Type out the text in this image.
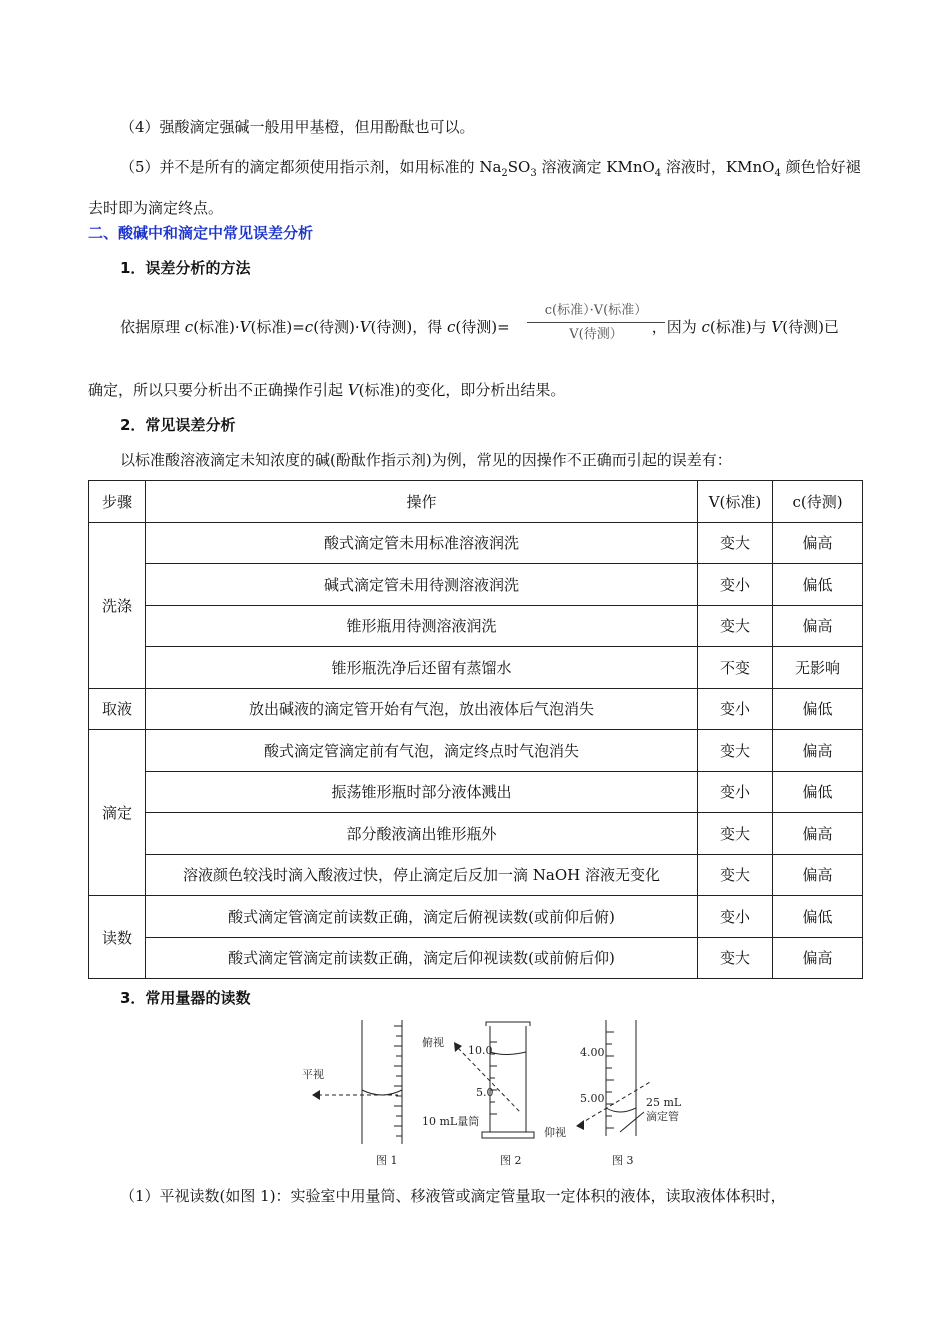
（4）强酸滴定强碱一般用甲基橙，但用酚酞也可以。
（5）并不是所有的滴定都须使用指示剂，如用标准的 $Na_2SO_3$ 溶液滴定 KMnO$_4$ 溶液时，KMnO$_4$ 颜色恰好褪去时即为滴定终点。
二、酸碱中和滴定中常见误差分析
1．误差分析的方法
依据原理 c(标准)·V(标准)=c(待测)·V(待测)，得 c(待测)=	，因为 c(标准)与 V(待测)已
c(标准）·V(标准）
V(待测）
确定，所以只要分析出不正确操作引起 V(标准)的变化，即分析出结果。
2．常见误差分析
以标准酸溶液滴定未知浓度的碱(酚酞作指示剂)为例，常见的因操作不正确而引起的误差有：
步骤	操作	V(标准)	c(待测)
洗涤	酸式滴定管未用标准溶液润洗	变大	偏高
	碱式滴定管未用待测溶液润洗	变小	偏低
	锥形瓶用待测溶液润洗	变大	偏高
	锥形瓶洗净后还留有蒸馏水	不变	无影响
取液	放出碱液的滴定管开始有气泡，放出液体后气泡消失	变小	偏低
滴定	酸式滴定管滴定前有气泡，滴定终点时气泡消失	变大	偏高
	振荡锥形瓶时部分液体溅出	变小	偏低
	部分酸液滴出锥形瓶外	变大	偏高
	溶液颜色较浅时滴入酸液过快，停止滴定后反加一滴 NaOH 溶液无变化	变大	偏高
读数	酸式滴定管滴定前读数正确，滴定后俯视读数(或前仰后俯)	变小	偏低
	酸式滴定管滴定前读数正确，滴定后仰视读数(或前俯后仰)	变大	偏高
3．常用量器的读数
平视
图 1
俯视
10.0
5.0
10 mL量筒
图 2
4.00
5.00
仰视
25 mL
滴定管
图 3
（1）平视读数(如图 1)：实验室中用量筒、移液管或滴定管量取一定体积的液体，读取液体体积时，
